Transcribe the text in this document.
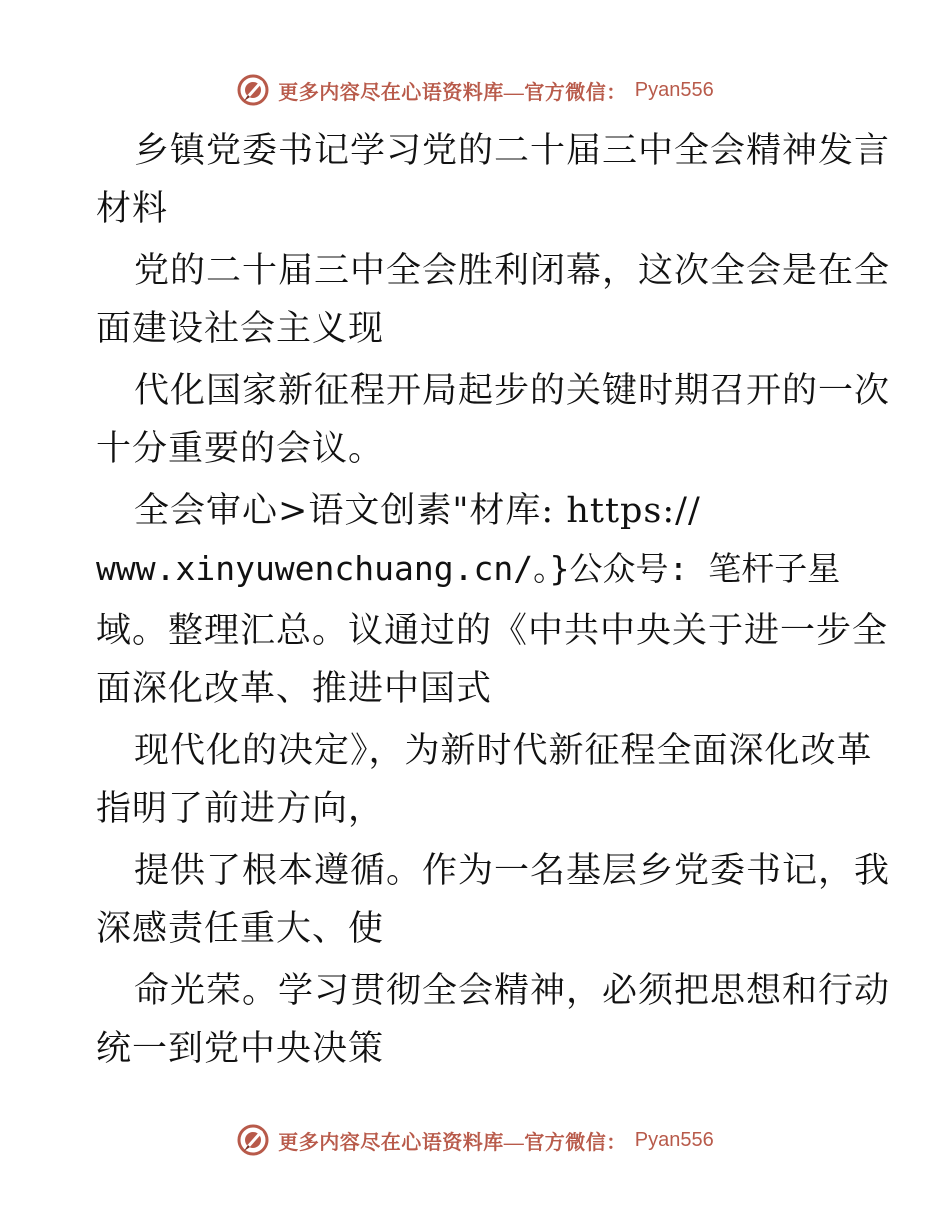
更多内容尽在心语资料库—官方微信： Pyan556
乡镇党委书记学习党的二十届三中全会精神发言
材料
党的二十届三中全会胜利闭幕，这次全会是在全
面建设社会主义现
代化国家新征程开局起步的关键时期召开的一次
十分重要的会议。
全会审心>语文创素"材库: https://
www.xinyuwenchuang.cn/。}公众号: 笔杆子星
域。整理汇总。议通过的《中共中央关于进一步全
面深化改革、推进中国式
现代化的决定》，为新时代新征程全面深化改革
指明了前进方向，
提供了根本遵循。作为一名基层乡党委书记，我
深感责任重大、使
命光荣。学习贯彻全会精神，必须把思想和行动
统一到党中央决策
更多内容尽在心语资料库—官方微信： Pyan556
